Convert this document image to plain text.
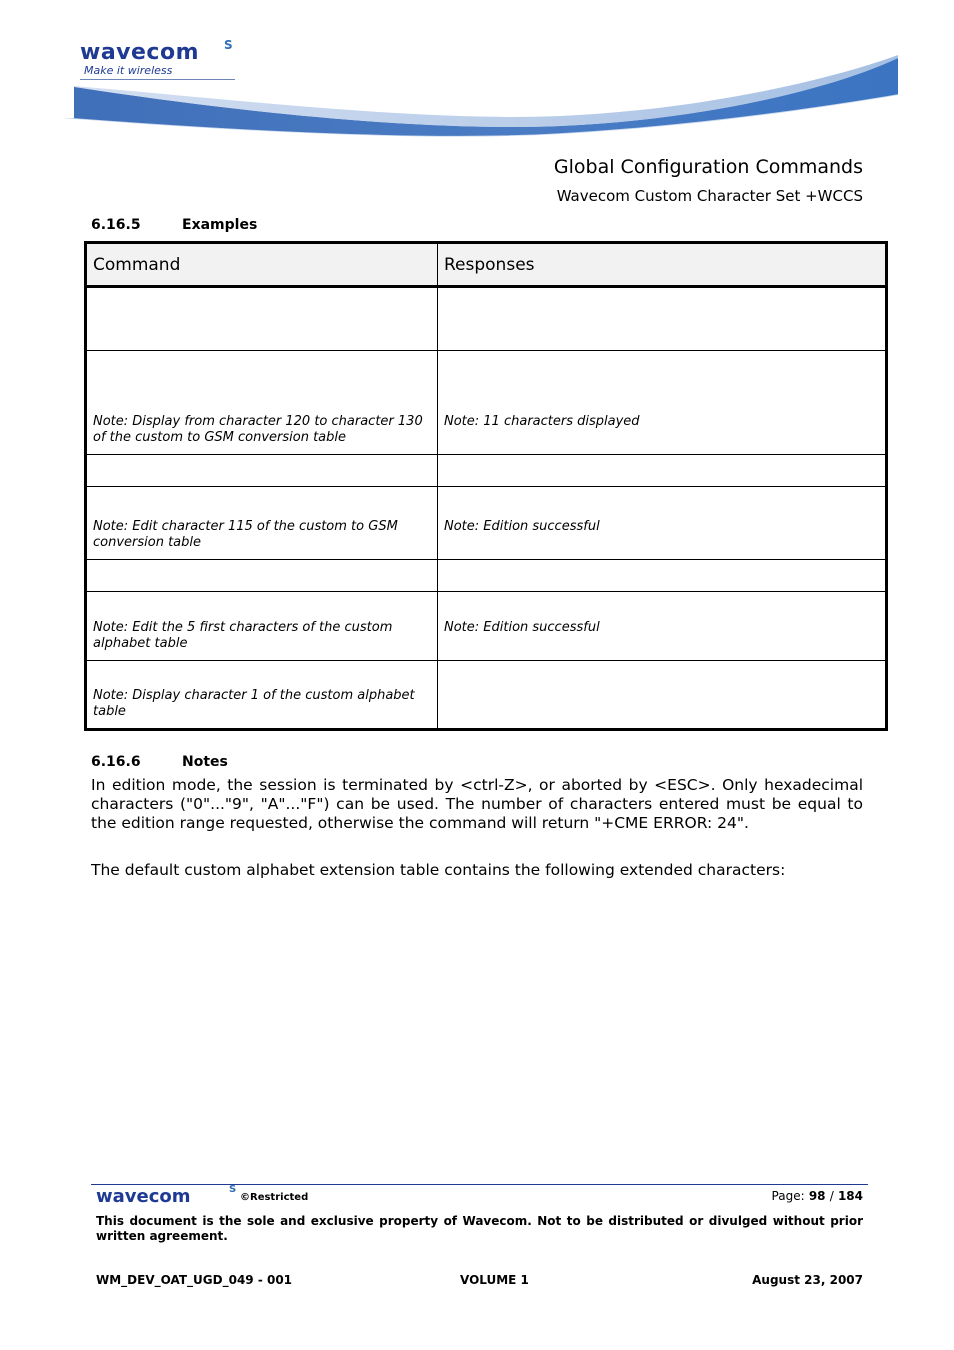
wavecom S
Make it wireless
Global Configuration Commands
Wavecom Custom Character Set +WCCS
6.16.5	Examples
Command	Responses

Note: Display from character 120 to character 130 of the custom to GSM conversion table	Note: 11 characters displayed

Note: Edit character 115 of the custom to GSM conversion table	Note: Edition successful

Note: Edit the 5 first characters of the custom alphabet table	Note: Edition successful
Note: Display character 1 of the custom alphabet table	
6.16.6	Notes
In edition mode, the session is terminated by <ctrl-Z>, or aborted by <ESC>. Only hexadecimal characters ("0"..."9", "A"..."F") can be used. The number of characters entered must be equal to the edition range requested, otherwise the command will return "+CME ERROR: 24".
The default custom alphabet extension table contains the following extended characters:
wavecom	S
©Restricted	Page: 98 / 184
This document is the sole and exclusive property of Wavecom. Not to be distributed or divulged without prior written agreement.
WM_DEV_OAT_UGD_049 - 001	VOLUME 1	August 23, 2007
